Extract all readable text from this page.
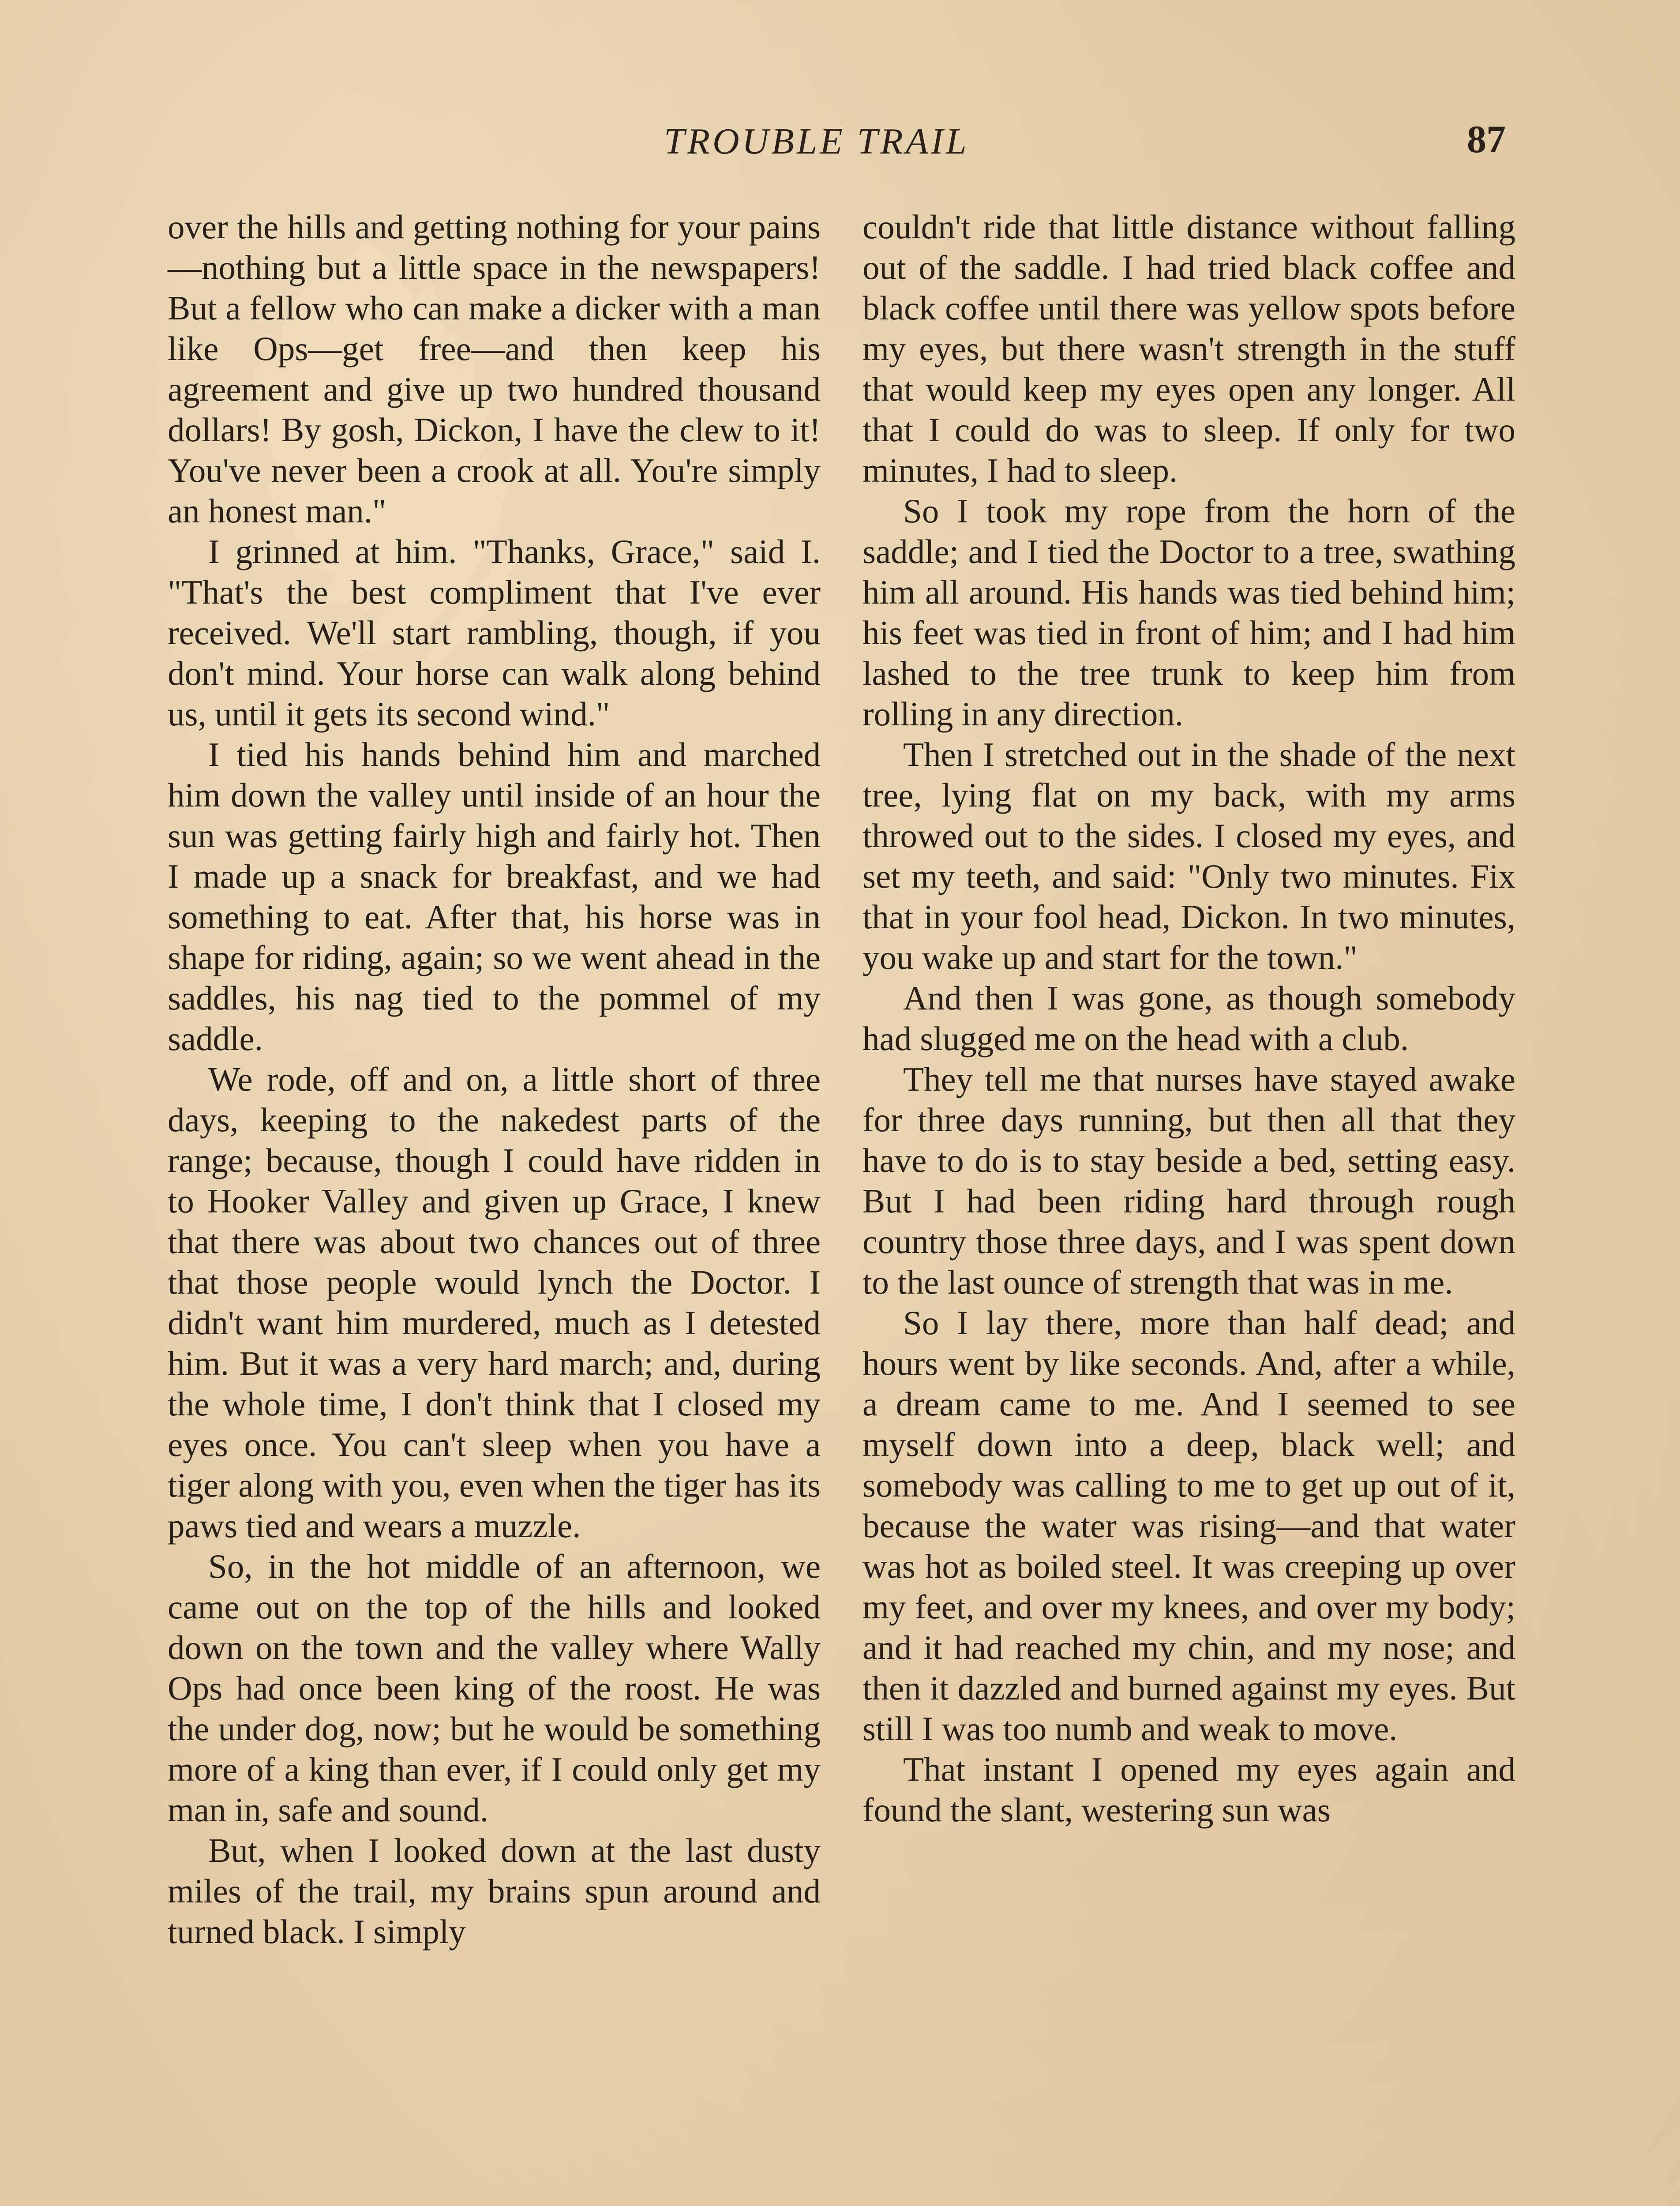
TROUBLE TRAIL	87

over the hills and getting nothing for your pains—nothing but a little space in the newspapers! But a fellow who can make a dicker with a man like Ops—get free—and then keep his agreement and give up two hundred thousand dollars! By gosh, Dickon, I have the clew to it! You've never been a crook at all. You're simply an honest man."

I grinned at him. "Thanks, Grace," said I. "That's the best compliment that I've ever received. We'll start rambling, though, if you don't mind. Your horse can walk along behind us, until it gets its second wind."

I tied his hands behind him and marched him down the valley until inside of an hour the sun was getting fairly high and fairly hot. Then I made up a snack for breakfast, and we had something to eat. After that, his horse was in shape for riding, again; so we went ahead in the saddles, his nag tied to the pommel of my saddle.

We rode, off and on, a little short of three days, keeping to the nakedest parts of the range; because, though I could have ridden in to Hooker Valley and given up Grace, I knew that there was about two chances out of three that those people would lynch the Doctor. I didn't want him murdered, much as I detested him. But it was a very hard march; and, during the whole time, I don't think that I closed my eyes once. You can't sleep when you have a tiger along with you, even when the tiger has its paws tied and wears a muzzle.

So, in the hot middle of an afternoon, we came out on the top of the hills and looked down on the town and the valley where Wally Ops had once been king of the roost. He was the under dog, now; but he would be something more of a king than ever, if I could only get my man in, safe and sound.

But, when I looked down at the last dusty miles of the trail, my brains spun around and turned black. I simply

couldn't ride that little distance without falling out of the saddle. I had tried black coffee and black coffee until there was yellow spots before my eyes, but there wasn't strength in the stuff that would keep my eyes open any longer. All that I could do was to sleep. If only for two minutes, I had to sleep.

So I took my rope from the horn of the saddle; and I tied the Doctor to a tree, swathing him all around. His hands was tied behind him; his feet was tied in front of him; and I had him lashed to the tree trunk to keep him from rolling in any direction.

Then I stretched out in the shade of the next tree, lying flat on my back, with my arms throwed out to the sides. I closed my eyes, and set my teeth, and said: "Only two minutes. Fix that in your fool head, Dickon. In two minutes, you wake up and start for the town."

And then I was gone, as though somebody had slugged me on the head with a club.

They tell me that nurses have stayed awake for three days running, but then all that they have to do is to stay beside a bed, setting easy. But I had been riding hard through rough country those three days, and I was spent down to the last ounce of strength that was in me.

So I lay there, more than half dead; and hours went by like seconds. And, after a while, a dream came to me. And I seemed to see myself down into a deep, black well; and somebody was calling to me to get up out of it, because the water was rising—and that water was hot as boiled steel. It was creeping up over my feet, and over my knees, and over my body; and it had reached my chin, and my nose; and then it dazzled and burned against my eyes. But still I was too numb and weak to move.

That instant I opened my eyes again and found the slant, westering sun was
